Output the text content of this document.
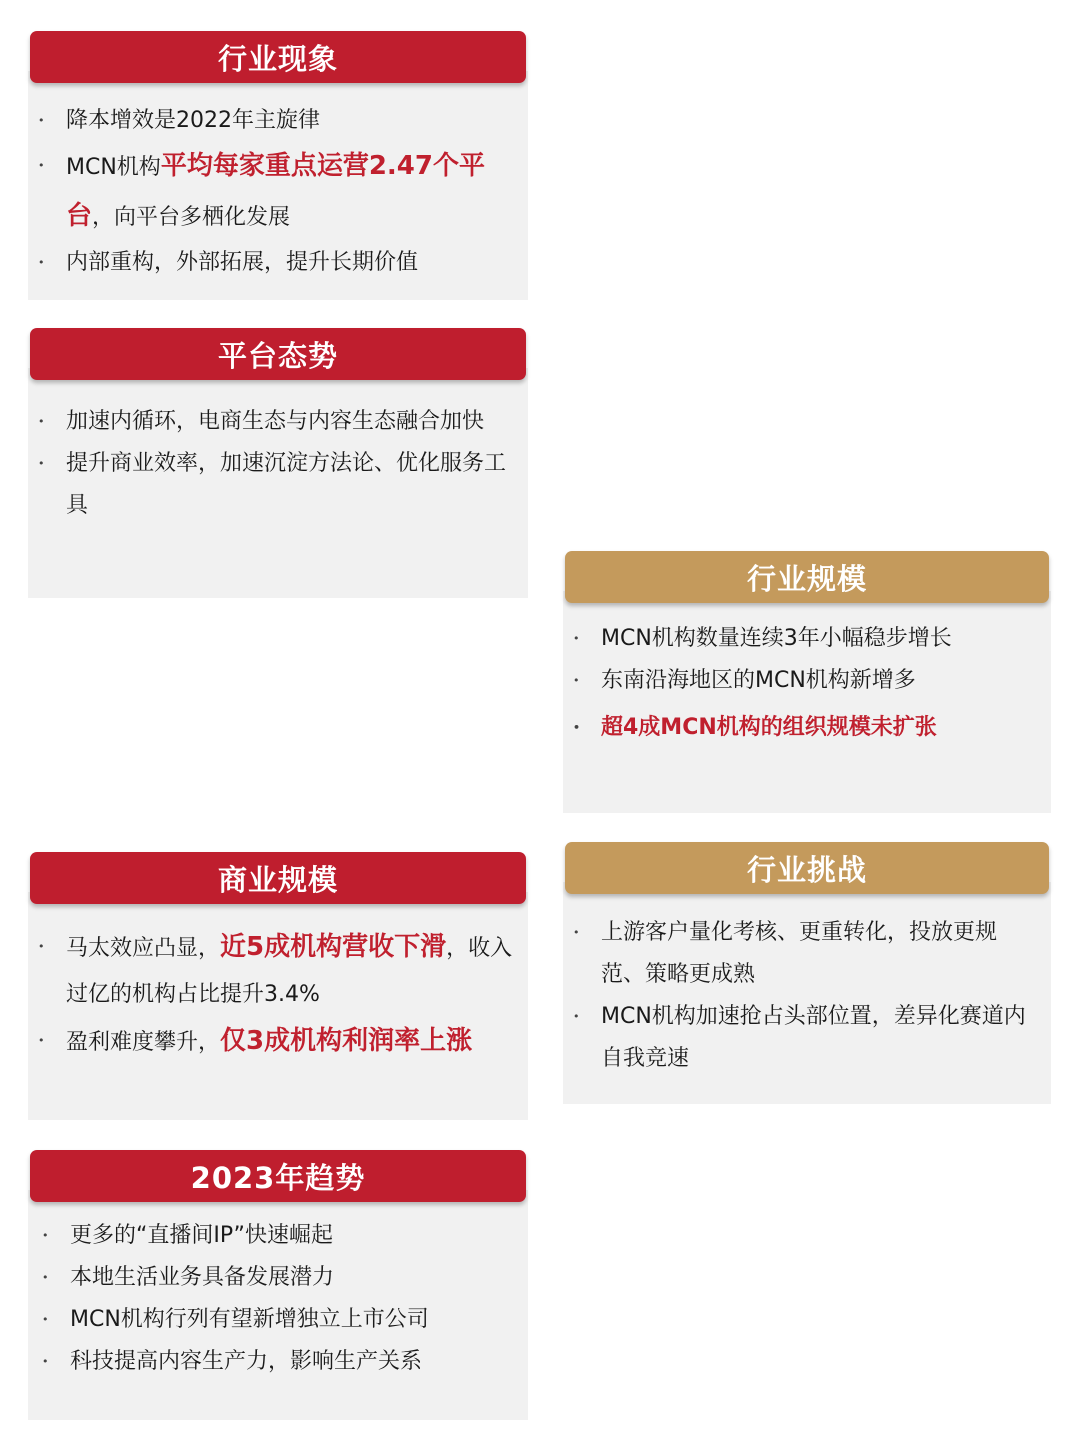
行业现象
• 降本增效是2022年主旋律
• MCN机构平均每家重点运营2.47个平台，向平台多栖化发展
• 内部重构，外部拓展，提升长期价值
平台态势
• 加速内循环，电商生态与内容生态融合加快
• 提升商业效率，加速沉淀方法论、优化服务工具
行业规模
• MCN机构数量连续3年小幅稳步增长
• 东南沿海地区的MCN机构新增多
• 超4成MCN机构的组织规模未扩张
商业规模
• 马太效应凸显，近5成机构营收下滑，收入过亿的机构占比提升3.4%
• 盈利难度攀升，仅3成机构利润率上涨
行业挑战
• 上游客户量化考核、更重转化，投放更规范、策略更成熟
• MCN机构加速抢占头部位置，差异化赛道内自我竞速
2023年趋势
• 更多的“直播间IP”快速崛起
• 本地生活业务具备发展潜力
• MCN机构行列有望新增独立上市公司
• 科技提高内容生产力，影响生产关系
